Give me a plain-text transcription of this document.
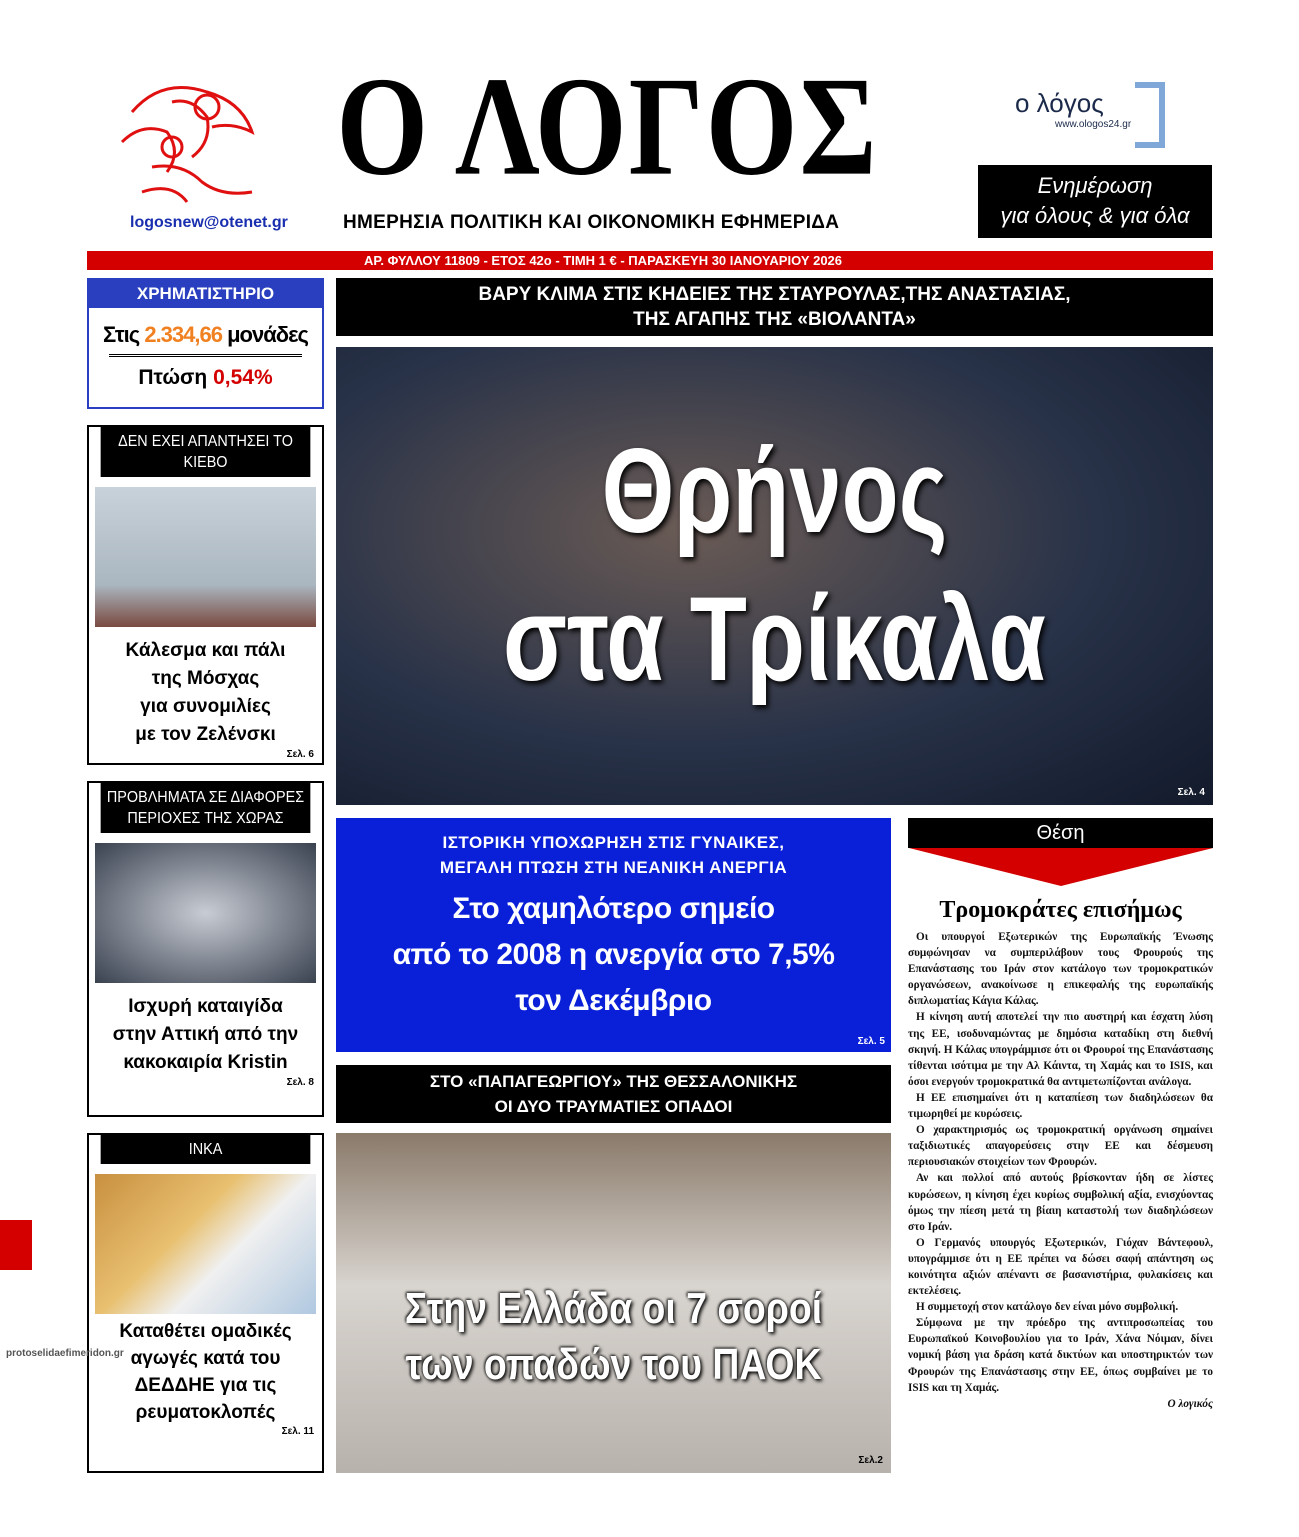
logosnew@otenet.gr
Ο ΛΟΓΟΣ
ΗΜΕΡΗΣΙΑ ΠΟΛΙΤΙΚΗ ΚΑΙ ΟΙΚΟΝΟΜΙΚΗ ΕΦΗΜΕΡΙΔΑ
ο λόγος
www.ologos24.gr
Ενημέρωση
για όλους & για όλα
ΑΡ. ΦΥΛΛΟΥ 11809 - ΕΤΟΣ 42ο - ΤΙΜΗ 1 € - ΠΑΡΑΣΚΕΥΗ 30 ΙΑΝΟΥΑΡΙΟΥ 2026
ΧΡΗΜΑΤΙΣΤΗΡΙΟ
Στις 2.334,66 μονάδες
Πτώση 0,54%
ΔΕΝ ΕΧΕΙ ΑΠΑΝΤΗΣΕΙ ΤΟ ΚΙΕΒΟ
Κάλεσμα και πάλι
της Μόσχας
για συνομιλίες
με τον Ζελένσκι
Σελ. 6
ΠΡΟΒΛΗΜΑΤΑ ΣΕ ΔΙΑΦΟΡΕΣ ΠΕΡΙΟΧΕΣ ΤΗΣ ΧΩΡΑΣ
Ισχυρή καταιγίδα
στην Αττική από την
κακοκαιρία Kristin
Σελ. 8
ΙΝΚΑ
Καταθέτει ομαδικές
αγωγές κατά του
ΔΕΔΔΗΕ για τις
ρευματοκλοπές
Σελ. 11
ΒΑΡΥ ΚΛΙΜΑ ΣΤΙΣ ΚΗΔΕΙΕΣ ΤΗΣ ΣΤΑΥΡΟΥΛΑΣ,ΤΗΣ ΑΝΑΣΤΑΣΙΑΣ,
ΤΗΣ ΑΓΑΠΗΣ ΤΗΣ «ΒΙΟΛΑΝΤΑ»
Θρήνος
στα Τρίκαλα
Σελ. 4
ΙΣΤΟΡΙΚΗ ΥΠΟΧΩΡΗΣΗ ΣΤΙΣ ΓΥΝΑΙΚΕΣ,
ΜΕΓΑΛΗ ΠΤΩΣΗ ΣΤΗ ΝΕΑΝΙΚΗ ΑΝΕΡΓΙΑ
Στο χαμηλότερο σημείο
από το 2008 η ανεργία στο 7,5%
τον Δεκέμβριο
Σελ. 5
ΣΤΟ «ΠΑΠΑΓΕΩΡΓΙΟΥ» ΤΗΣ ΘΕΣΣΑΛΟΝΙΚΗΣ
ΟΙ ΔΥΟ ΤΡΑΥΜΑΤΙΕΣ ΟΠΑΔΟΙ
Στην Ελλάδα οι 7 σοροί
των οπαδών του ΠΑΟΚ
Σελ.2
Θέση
Τρομοκράτες επισήμως

Οι υπουργοί Εξωτερικών της Ευρωπαϊκής Ένωσης συμφώνησαν να συμπεριλάβουν τους Φρουρούς της Επανάστασης του Ιράν στον κατάλογο των τρομοκρατικών οργανώσεων, ανακοίνωσε η επικεφαλής της ευρωπαϊκής διπλωματίας Κάγια Κάλας.

Η κίνηση αυτή αποτελεί την πιο αυστηρή και έσχατη λύση της ΕΕ, ισοδυναμώντας με δημόσια καταδίκη στη διεθνή σκηνή. Η Κάλας υπογράμμισε ότι οι Φρουροί της Επανάστασης τίθενται ισότιμα με την Αλ Κάιντα, τη Χαμάς και το ISIS, και όσοι ενεργούν τρομοκρατικά θα αντιμετωπίζονται ανάλογα.

Η ΕΕ επισημαίνει ότι η καταπίεση των διαδηλώσεων θα τιμωρηθεί με κυρώσεις.

Ο χαρακτηρισμός ως τρομοκρατική οργάνωση σημαίνει ταξιδιωτικές απαγορεύσεις στην ΕΕ και δέσμευση περιουσιακών στοιχείων των Φρουρών.

Αν και πολλοί από αυτούς βρίσκονταν ήδη σε λίστες κυρώσεων, η κίνηση έχει κυρίως συμβολική αξία, ενισχύοντας όμως την πίεση μετά τη βίαιη καταστολή των διαδηλώσεων στο Ιράν.

Ο Γερμανός υπουργός Εξωτερικών, Γιόχαν Βάντεφουλ, υπογράμμισε ότι η ΕΕ πρέπει να δώσει σαφή απάντηση ως κοινότητα αξιών απέναντι σε βασανιστήρια, φυλακίσεις και εκτελέσεις.

Η συμμετοχή στον κατάλογο δεν είναι μόνο συμβολική.

Σύμφωνα με την πρόεδρο της αντιπροσωπείας του Ευρωπαϊκού Κοινοβουλίου για το Ιράν, Χάνα Νόιμαν, δίνει νομική βάση για δράση κατά δικτύων και υποστηρικτών των Φρουρών της Επανάστασης στην ΕΕ, όπως συμβαίνει με το ISIS και τη Χαμάς.

Ο λογικός
protoselidaefimeridon.gr
